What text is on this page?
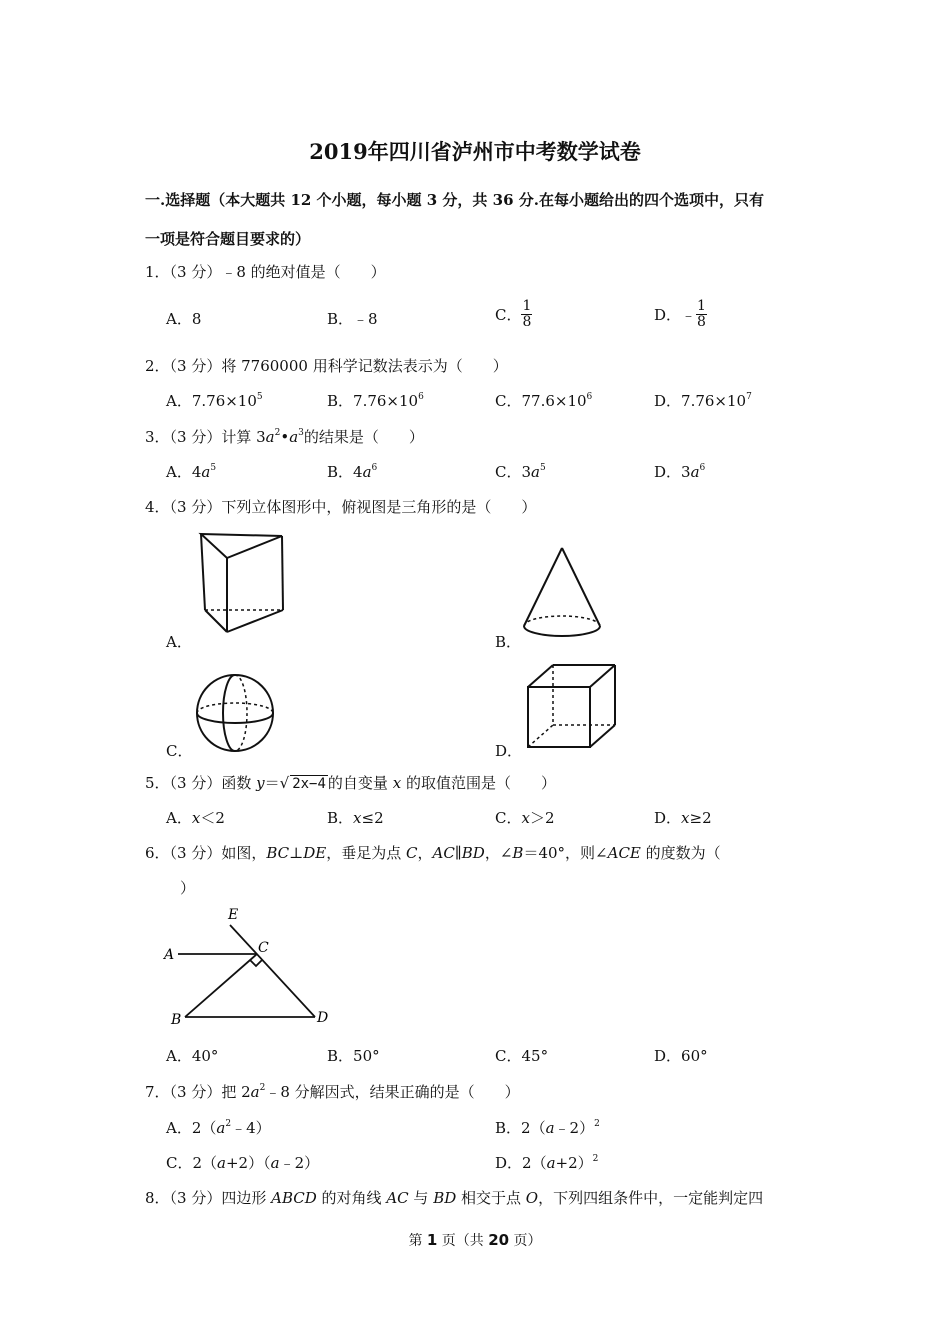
2019年四川省泸州市中考数学试卷
一.选择题（本大题共 12 个小题，每小题 3 分，共 36 分.在每小题给出的四个选项中，只有
一项是符合题目要求的）
1．（3 分）﹣8 的绝对值是（　　）
A．8	B．﹣8	C． $\frac{1}{8}$	D．﹣ $\frac{1}{8}$
2．（3 分）将 7760000 用科学记数法表示为（　　）
A．$7.76\times 10^5$	B．$7.76\times 10^6$	C．$77.6\times 10^6$	D．$7.76\times 10^7$
3．（3 分）计算 $3a^2•a^3$的结果是（　　）
A．$4a^5$	B．$4a^6$	C．$3a^5$	D．$3a^6$
4．（3 分）下列立体图形中，俯视图是三角形的是（　　）
A．	B．
C．	D．
5．（3 分）函数 y＝√ 2x−4 的自变量 x 的取值范围是（　　）
A．x＜2	B．x≤2	C．x＞2	D．x≥2
6．（3 分）如图，BC⊥DE，垂足为点 C，AC∥BD，∠B＝40°，则∠ACE 的度数为（
）
E
A	C
B	D
A．40°	B．50°	C．45°	D．60°
7．（3 分）把 $2a^2﹣8$ 分解因式，结果正确的是（　　）
A．$2(a^2﹣4)$	B．2（a﹣2）$^2$
C．2（a+2）（a﹣2）	D．$2(a+2)^2$
8．（3 分）四边形 ABCD 的对角线 AC 与 BD 相交于点 O，下列四组条件中，一定能判定四
第 1 页（共 20 页）
